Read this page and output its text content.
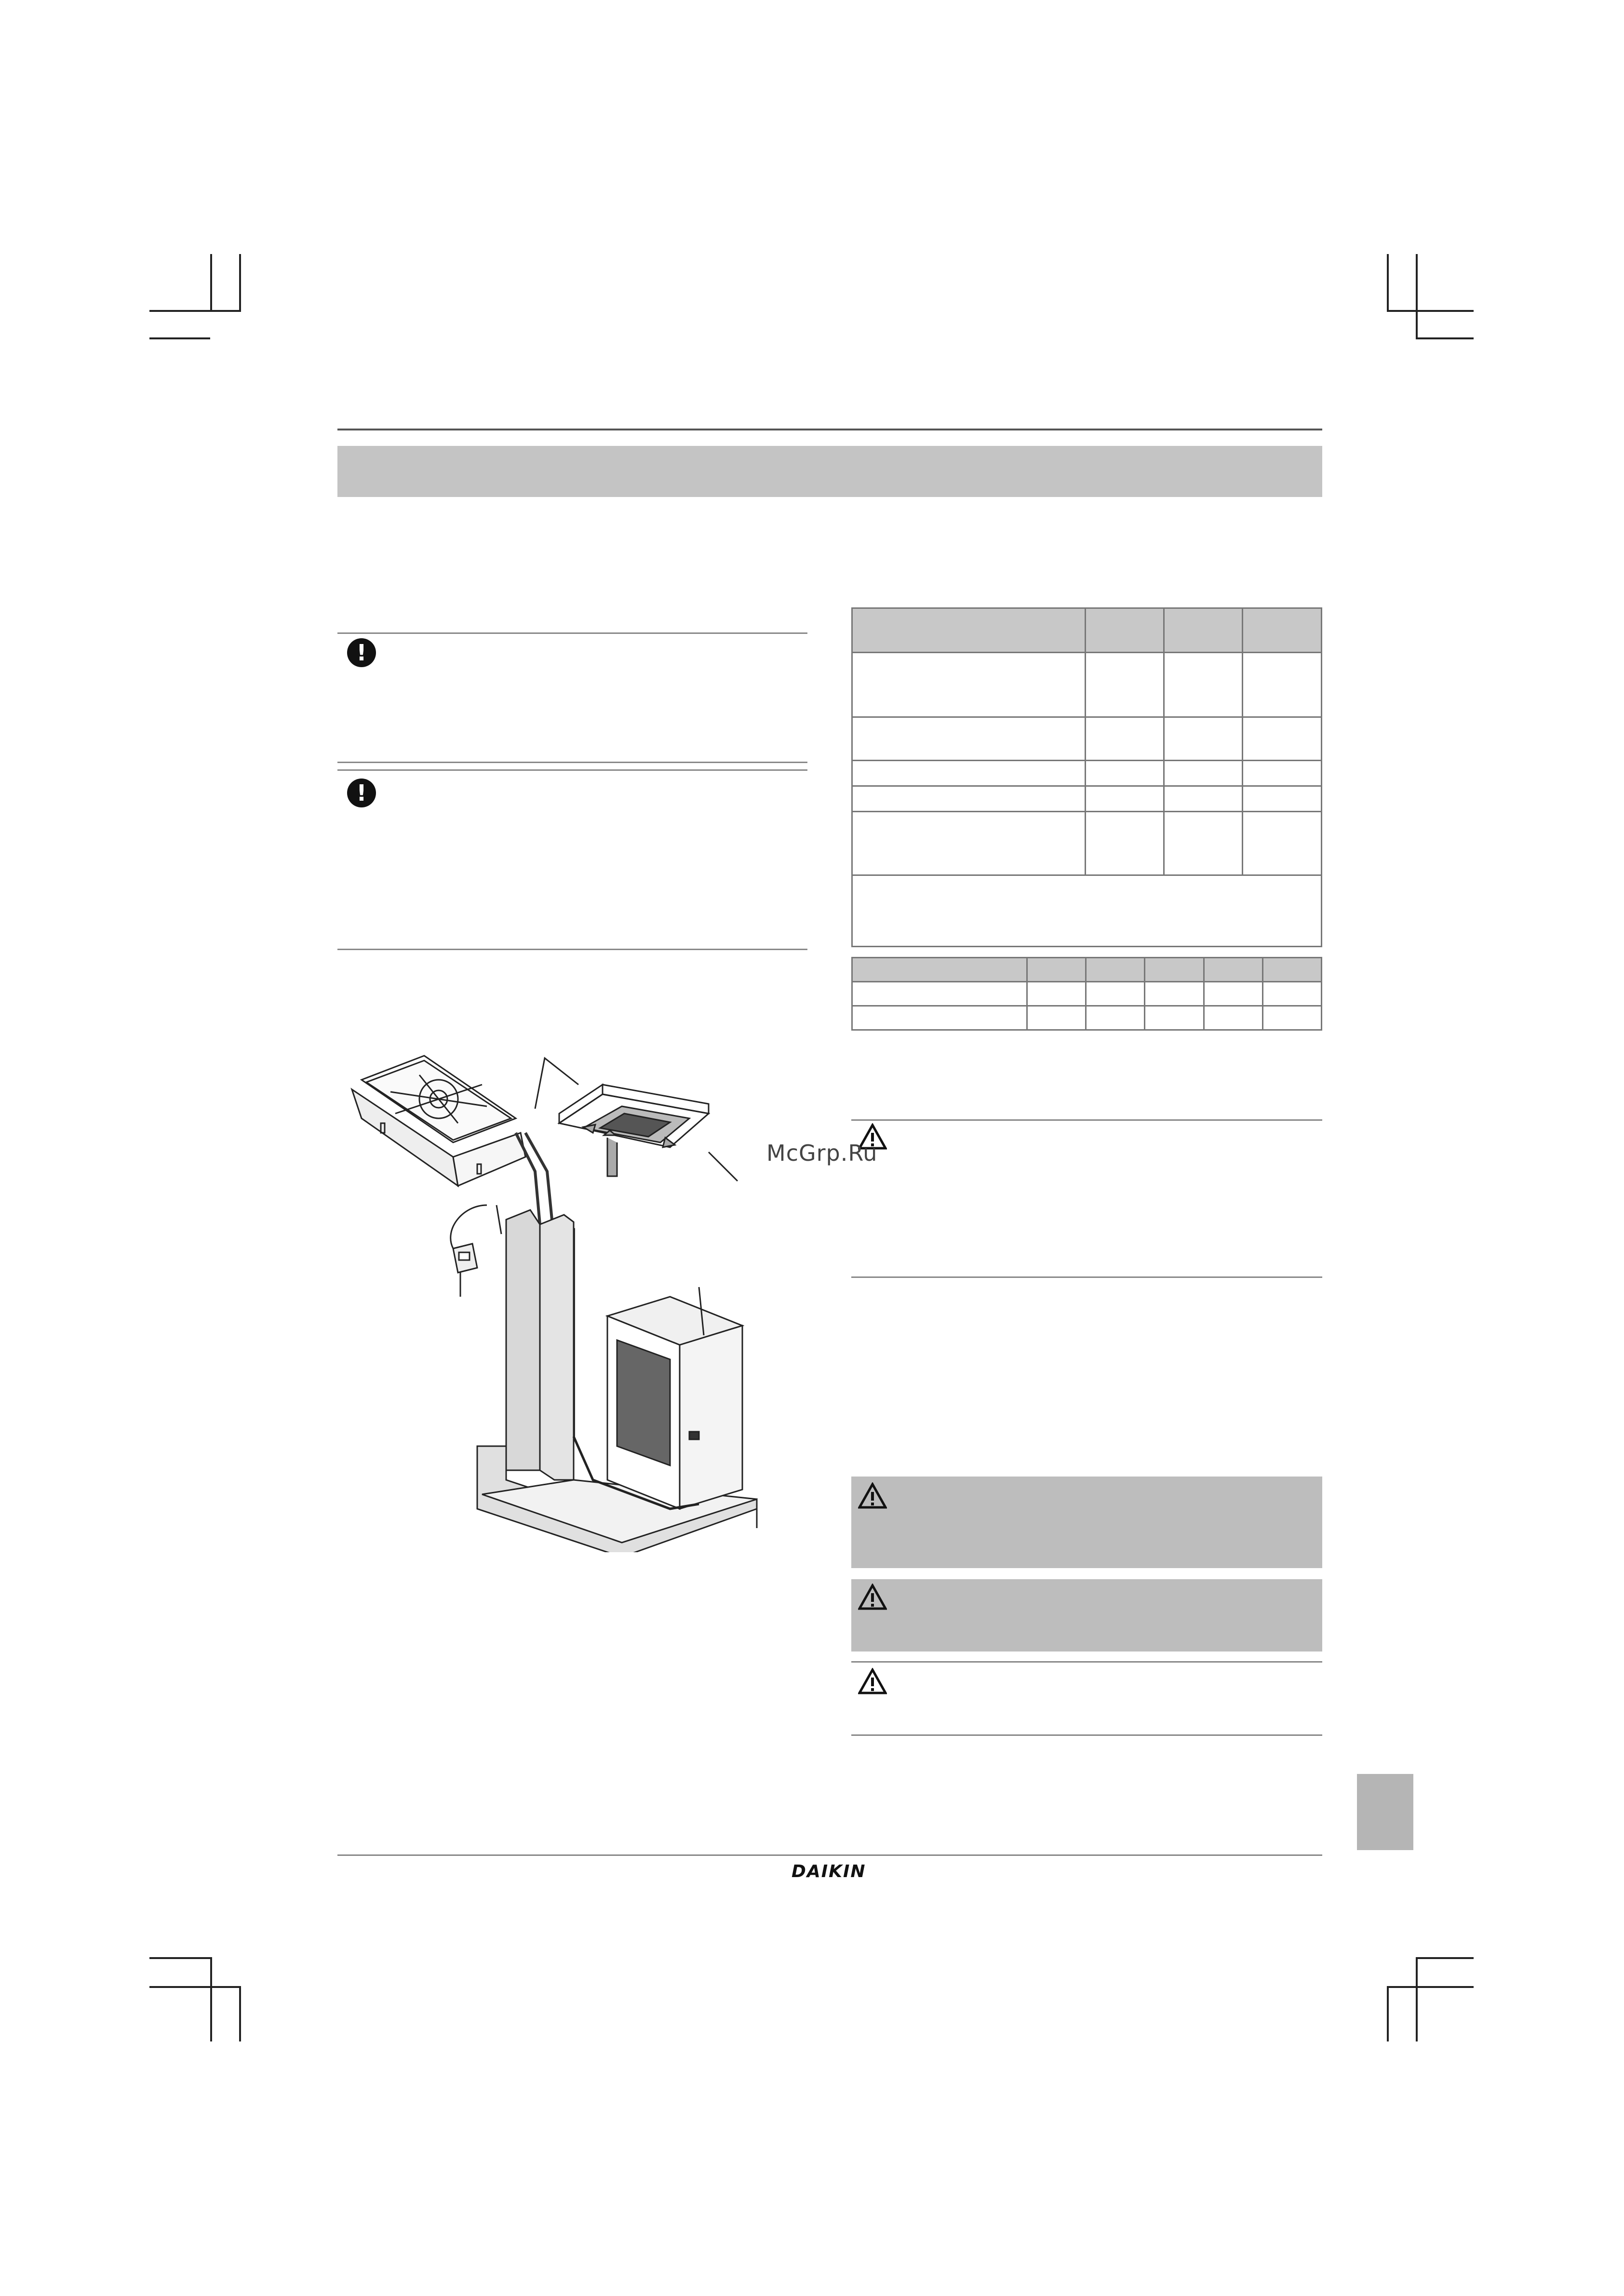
!
!

McGrp.Ru
DAIKIN
